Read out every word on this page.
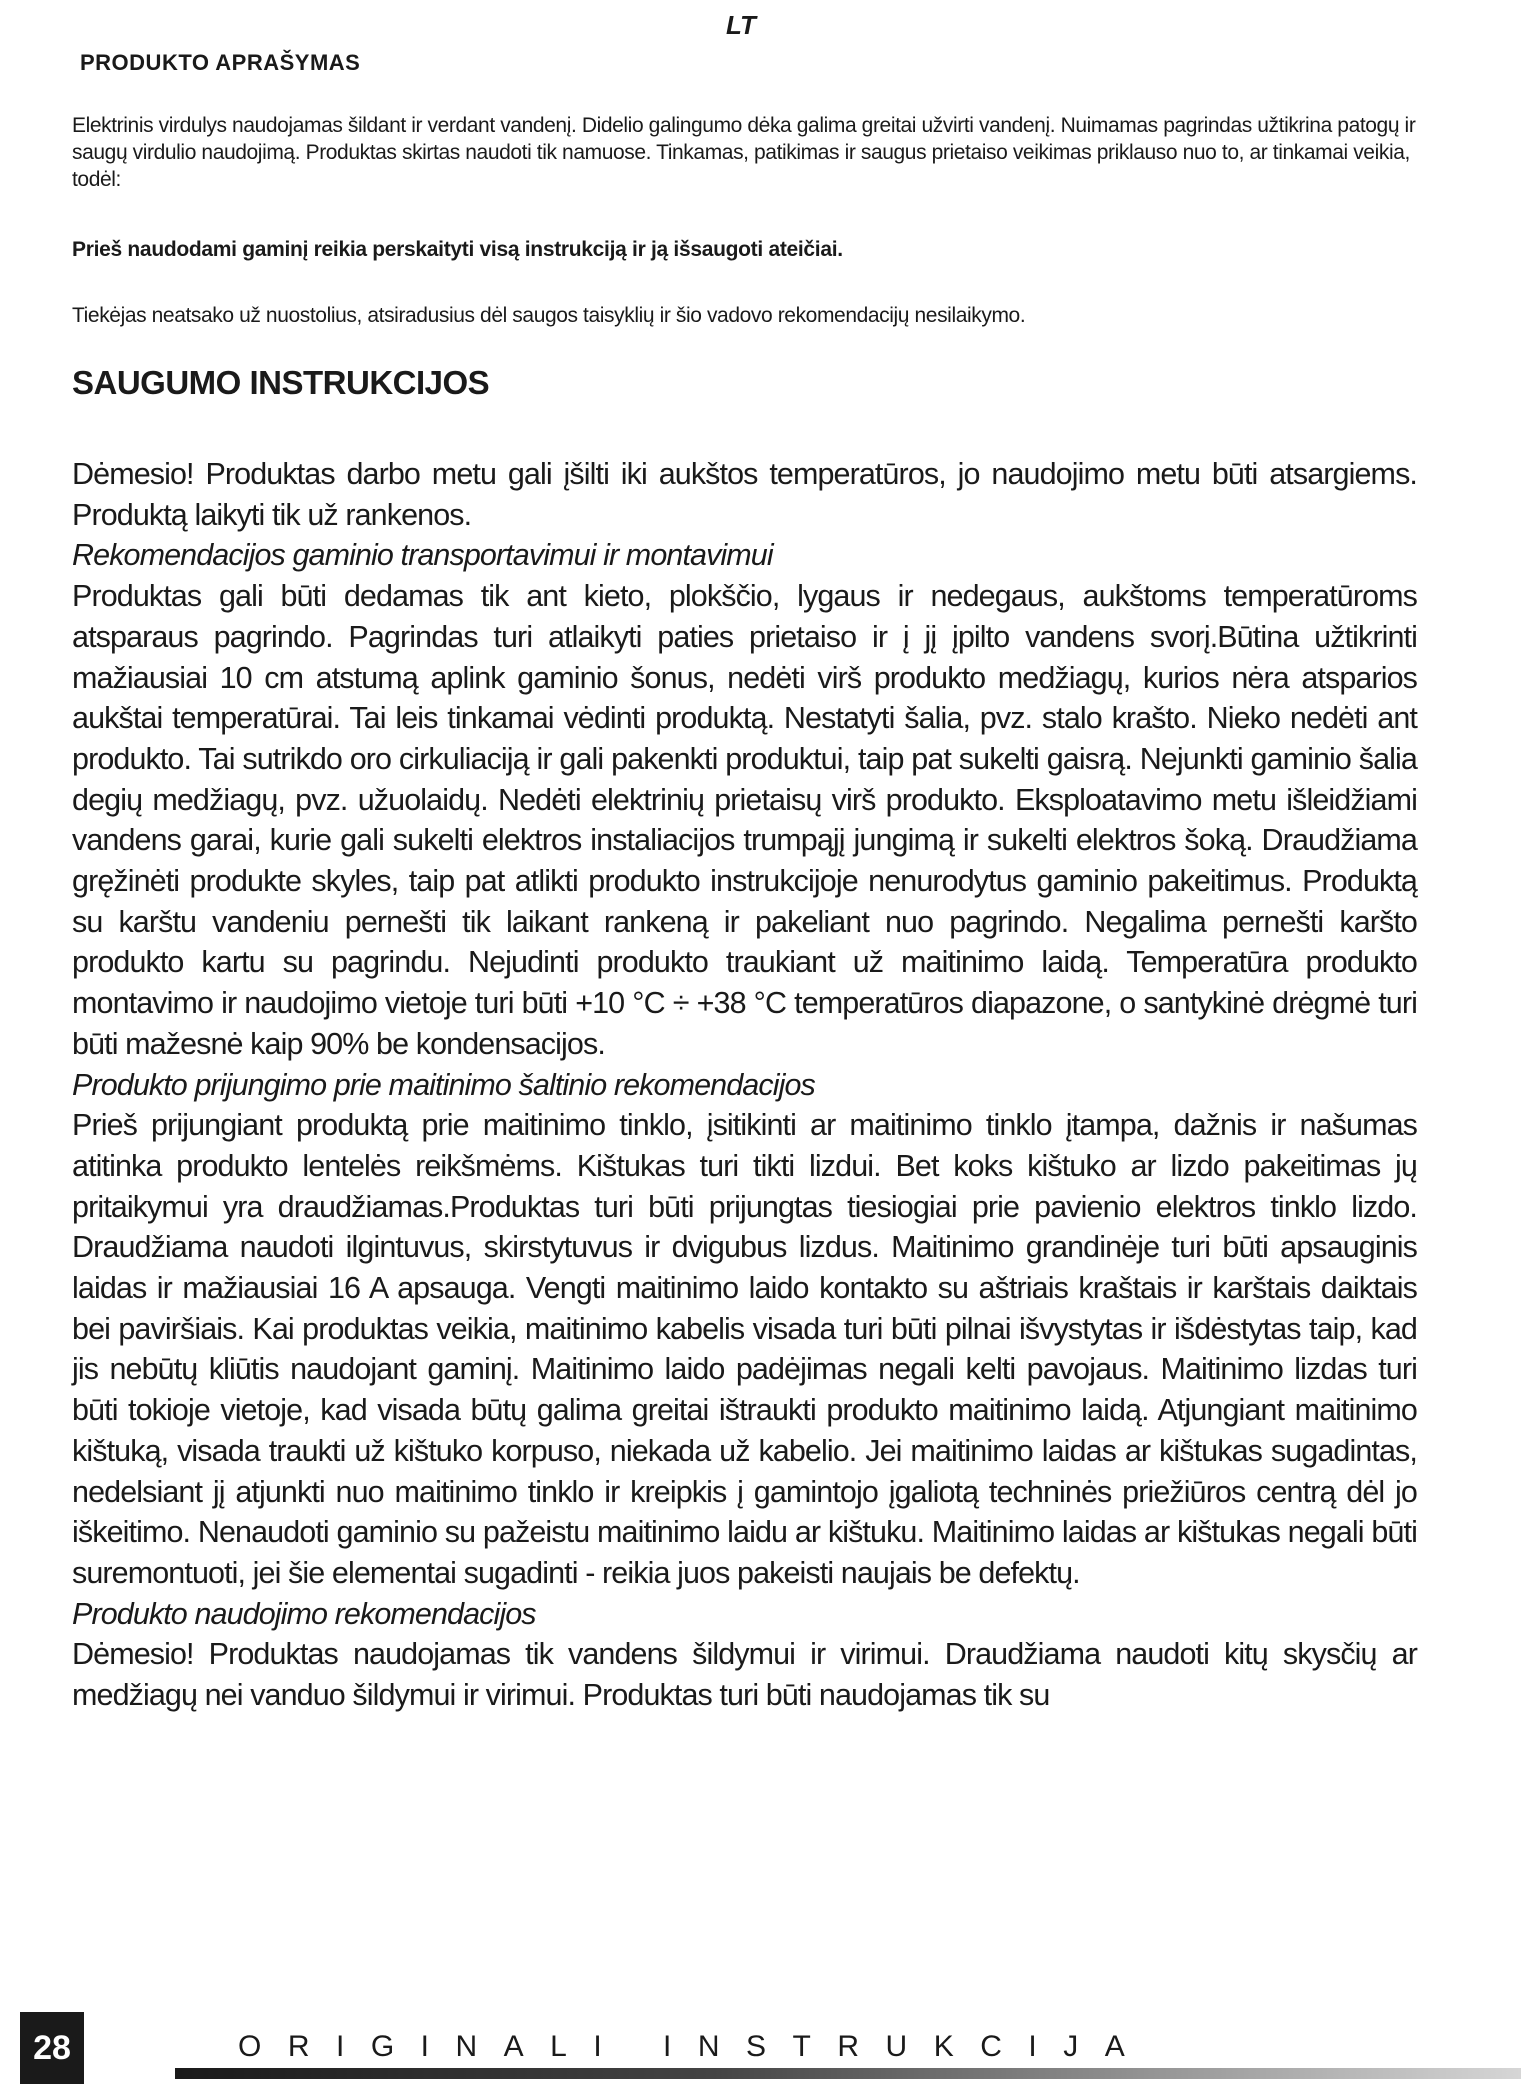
LT
PRODUKTO APRAŠYMAS

Elektrinis virdulys naudojamas šildant ir verdant vandenį. Didelio galingumo dėka galima greitai užvirti vandenį. Nuimamas pagrindas užtikrina patogų ir saugų virdulio naudojimą. Produktas skirtas naudoti tik namuose. Tinkamas, patikimas ir saugus prietaiso veikimas priklauso nuo to, ar tinkamai veikia, todėl:

Prieš naudodami gaminį reikia perskaityti visą instrukciją ir ją išsaugoti ateičiai.
Tiekėjas neatsako už nuostolius, atsiradusius dėl saugos taisyklių ir šio vadovo rekomendacijų nesilaikymo.
SAUGUMO INSTRUKCIJOS

Dėmesio! Produktas darbo metu gali įšilti iki aukštos temperatūros, jo naudojimo metu būti atsargiems. Produktą laikyti tik už rankenos.

Rekomendacijos gaminio transportavimui ir montavimui

Produktas gali būti dedamas tik ant kieto, plokščio, lygaus ir nedegaus, aukštoms temperatūroms atsparaus pagrindo. Pagrindas turi atlaikyti paties prietaiso ir į jį įpilto vandens svorį.Būtina užtikrinti mažiausiai 10 cm atstumą aplink gaminio šonus, nedėti virš produkto medžiagų, kurios nėra atsparios aukštai temperatūrai. Tai leis tinkamai vėdinti produktą. Nestatyti šalia, pvz. stalo krašto. Nieko nedėti ant produkto. Tai sutrikdo oro cirkuliaciją ir gali pakenkti produktui, taip pat sukelti gaisrą. Nejunkti gaminio šalia degių medžiagų, pvz. užuolaidų. Nedėti elektrinių prietaisų virš produkto. Eksploatavimo metu išleidžiami vandens garai, kurie gali sukelti elektros instaliacijos trumpąjį jungimą ir sukelti elektros šoką. Draudžiama gręžinėti produkte skyles, taip pat atlikti produkto instrukcijoje nenurodytus gaminio pakeitimus. Produktą su karštu vandeniu pernešti tik laikant rankeną ir pakeliant nuo pagrindo. Negalima pernešti karšto produkto kartu su pagrindu. Nejudinti produkto traukiant už maitinimo laidą. Temperatūra produkto montavimo ir naudojimo vietoje turi būti +10 °C ÷ +38 °C temperatūros diapazone, o santykinė drėgmė turi būti mažesnė kaip 90% be kondensacijos.

Produkto prijungimo prie maitinimo šaltinio rekomendacijos

Prieš prijungiant produktą prie maitinimo tinklo, įsitikinti ar maitinimo tinklo įtampa, dažnis ir našumas atitinka produkto lentelės reikšmėms. Kištukas turi tikti lizdui. Bet koks kištuko ar lizdo pakeitimas jų pritaikymui yra draudžiamas.Produktas turi būti prijungtas tiesiogiai prie pavienio elektros tinklo lizdo. Draudžiama naudoti ilgintuvus, skirstytuvus ir dvigubus lizdus. Maitinimo grandinėje turi būti apsauginis laidas ir mažiausiai 16 A apsauga. Vengti maitinimo laido kontakto su aštriais kraštais ir karštais daiktais bei paviršiais. Kai produktas veikia, maitinimo kabelis visada turi būti pilnai išvystytas ir išdėstytas taip, kad jis nebūtų kliūtis naudojant gaminį. Maitinimo laido padėjimas negali kelti pavojaus. Maitinimo lizdas turi būti tokioje vietoje, kad visada būtų galima greitai ištraukti produkto maitinimo laidą. Atjungiant maitinimo kištuką, visada traukti už kištuko korpuso, niekada už kabelio. Jei maitinimo laidas ar kištukas sugadintas, nedelsiant jį atjunkti nuo maitinimo tinklo ir kreipkis į gamintojo įgaliotą techninės priežiūros centrą dėl jo iškeitimo. Nenaudoti gaminio su pažeistu maitinimo laidu ar kištuku. Maitinimo laidas ar kištukas negali būti suremontuoti, jei šie elementai sugadinti - reikia juos pakeisti naujais be defektų.

Produkto naudojimo rekomendacijos

Dėmesio! Produktas naudojamas tik vandens šildymui ir virimui. Draudžiama naudoti kitų skysčių ar medžiagų nei vanduo šildymui ir virimui. Produktas turi būti naudojamas tik su

28	ORIGINALI INSTRUKCIJA
